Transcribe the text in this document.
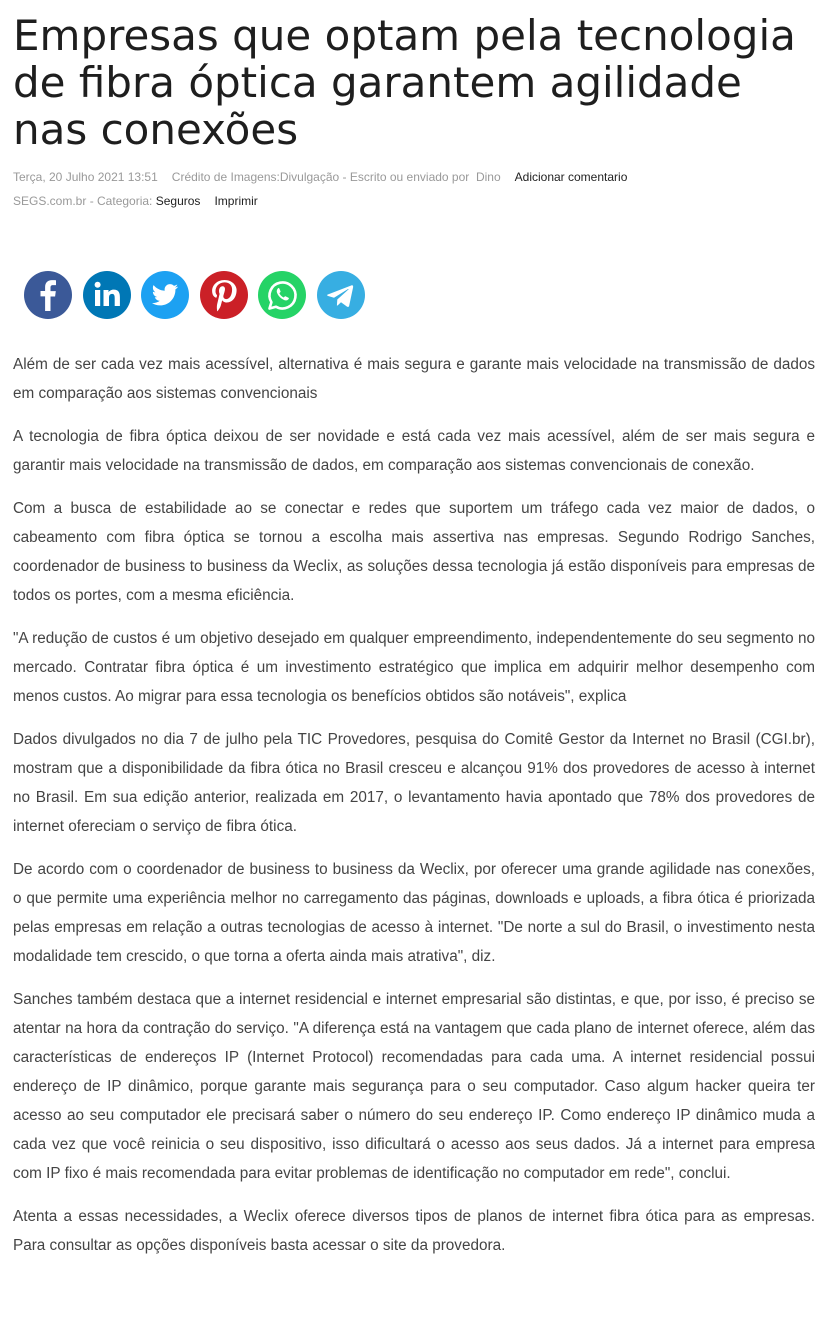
Empresas que optam pela tecnologia de fibra óptica garantem agilidade nas conexões
Terça, 20 Julho 2021 13:51 Crédito de Imagens:Divulgação - Escrito ou enviado por Dino Adicionar comentario
SEGS.com.br - Categoria: Seguros Imprimir

Além de ser cada vez mais acessível, alternativa é mais segura e garante mais velocidade na transmissão de dados em comparação aos sistemas convencionais

A tecnologia de fibra óptica deixou de ser novidade e está cada vez mais acessível, além de ser mais segura e garantir mais velocidade na transmissão de dados, em comparação aos sistemas convencionais de conexão.

Com a busca de estabilidade ao se conectar e redes que suportem um tráfego cada vez maior de dados, o cabeamento com fibra óptica se tornou a escolha mais assertiva nas empresas. Segundo Rodrigo Sanches, coordenador de business to business da Weclix, as soluções dessa tecnologia já estão disponíveis para empresas de todos os portes, com a mesma eficiência.

"A redução de custos é um objetivo desejado em qualquer empreendimento, independentemente do seu segmento no mercado. Contratar fibra óptica é um investimento estratégico que implica em adquirir melhor desempenho com menos custos. Ao migrar para essa tecnologia os benefícios obtidos são notáveis", explica

Dados divulgados no dia 7 de julho pela TIC Provedores, pesquisa do Comitê Gestor da Internet no Brasil (CGI.br), mostram que a disponibilidade da fibra ótica no Brasil cresceu e alcançou 91% dos provedores de acesso à internet no Brasil. Em sua edição anterior, realizada em 2017, o levantamento havia apontado que 78% dos provedores de internet ofereciam o serviço de fibra ótica.

De acordo com o coordenador de business to business da Weclix, por oferecer uma grande agilidade nas conexões, o que permite uma experiência melhor no carregamento das páginas, downloads e uploads, a fibra ótica é priorizada pelas empresas em relação a outras tecnologias de acesso à internet. "De norte a sul do Brasil, o investimento nesta modalidade tem crescido, o que torna a oferta ainda mais atrativa", diz.

Sanches também destaca que a internet residencial e internet empresarial são distintas, e que, por isso, é preciso se atentar na hora da contração do serviço. "A diferença está na vantagem que cada plano de internet oferece, além das características de endereços IP (Internet Protocol) recomendadas para cada uma. A internet residencial possui endereço de IP dinâmico, porque garante mais segurança para o seu computador. Caso algum hacker queira ter acesso ao seu computador ele precisará saber o número do seu endereço IP. Como endereço IP dinâmico muda a cada vez que você reinicia o seu dispositivo, isso dificultará o acesso aos seus dados. Já a internet para empresa com IP fixo é mais recomendada para evitar problemas de identificação no computador em rede", conclui.

Atenta a essas necessidades, a Weclix oferece diversos tipos de planos de internet fibra ótica para as empresas. Para consultar as opções disponíveis basta acessar o site da provedora.
